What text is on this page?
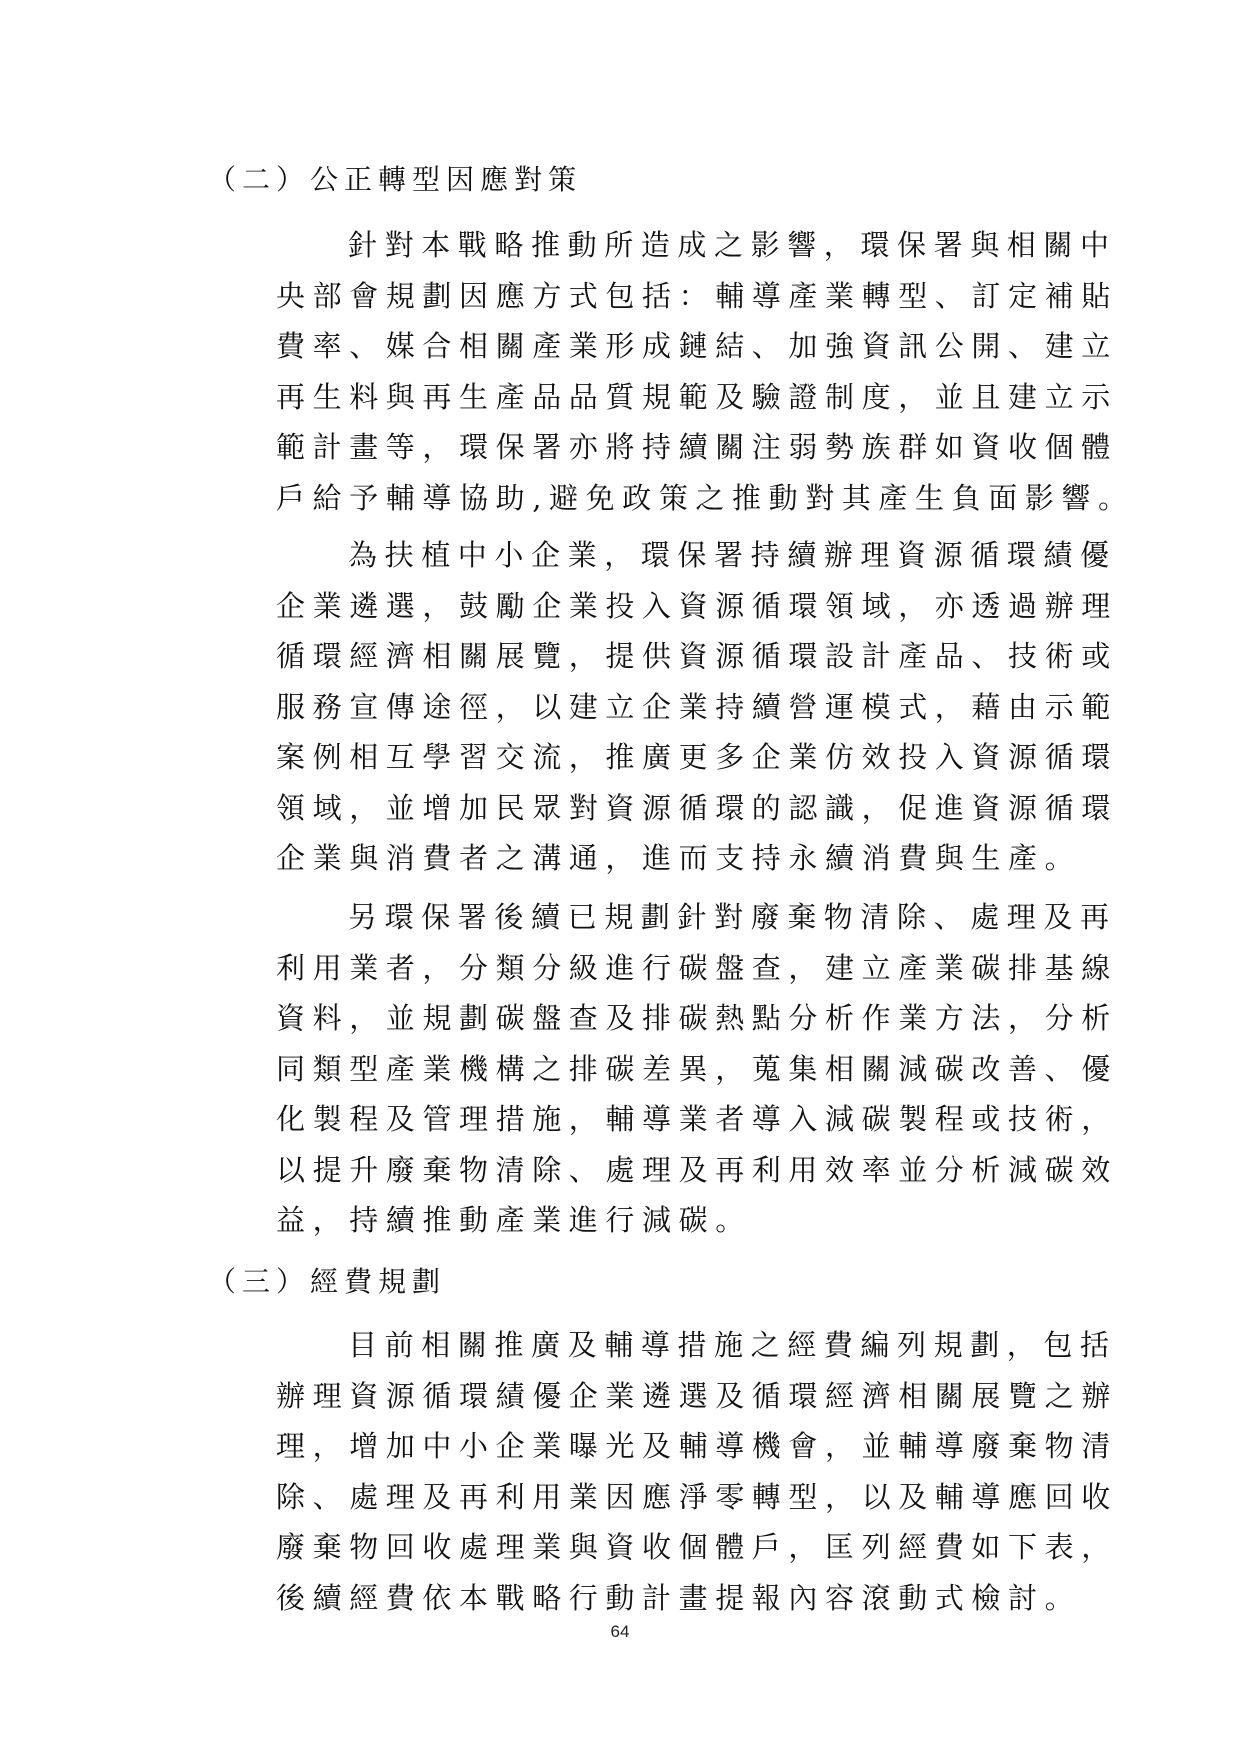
（二）公正轉型因應對策
針對本戰略推動所造成之影響，環保署與相關中
央部會規劃因應方式包括：輔導產業轉型、訂定補貼
費率、媒合相關產業形成鏈結、加強資訊公開、建立
再生料與再生產品品質規範及驗證制度，並且建立示
範計畫等，環保署亦將持續關注弱勢族群如資收個體
戶給予輔導協助,避免政策之推動對其產生負面影響。
為扶植中小企業，環保署持續辦理資源循環績優
企業遴選，鼓勵企業投入資源循環領域，亦透過辦理
循環經濟相關展覽，提供資源循環設計產品、技術或
服務宣傳途徑，以建立企業持續營運模式，藉由示範
案例相互學習交流，推廣更多企業仿效投入資源循環
領域，並增加民眾對資源循環的認識，促進資源循環
企業與消費者之溝通，進而支持永續消費與生產。
另環保署後續已規劃針對廢棄物清除、處理及再
利用業者，分類分級進行碳盤查，建立產業碳排基線
資料，並規劃碳盤查及排碳熱點分析作業方法，分析
同類型產業機構之排碳差異，蒐集相關減碳改善、優
化製程及管理措施，輔導業者導入減碳製程或技術，
以提升廢棄物清除、處理及再利用效率並分析減碳效
益，持續推動產業進行減碳。
（三）經費規劃
目前相關推廣及輔導措施之經費編列規劃，包括
辦理資源循環績優企業遴選及循環經濟相關展覽之辦
理，增加中小企業曝光及輔導機會，並輔導廢棄物清
除、處理及再利用業因應淨零轉型，以及輔導應回收
廢棄物回收處理業與資收個體戶，匡列經費如下表，
後續經費依本戰略行動計畫提報內容滾動式檢討。
64
